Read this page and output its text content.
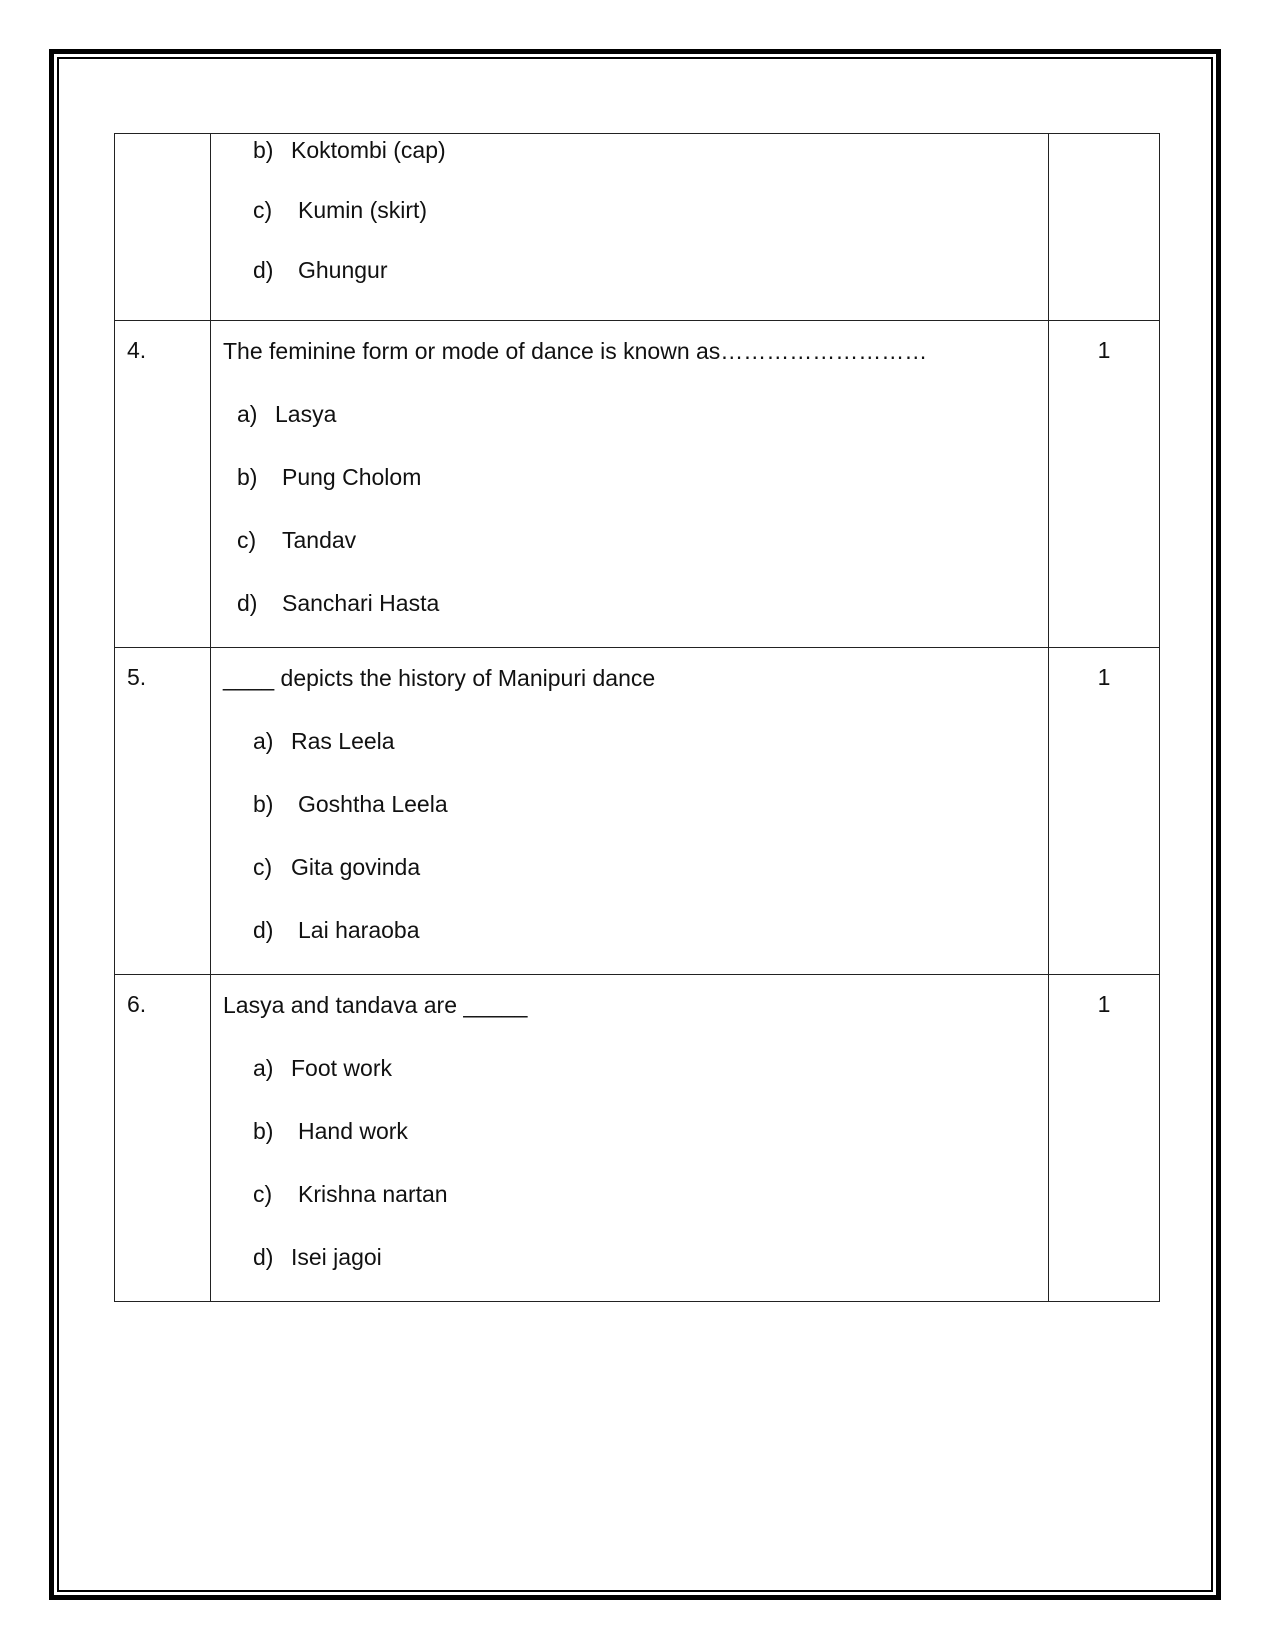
	b) Koktombi (cap)
c) Kumin (skirt)
d) Ghungur	

4.	The feminine form or mode of dance is known as………………………
a) Lasya
b) Pung Cholom
c) Tandav
d) Sanchari Hasta	1
5.	____ depicts the history of Manipuri dance
a) Ras Leela
b) Goshtha Leela
c) Gita govinda
d) Lai haraoba	1
6.	Lasya and tandava are _____
a) Foot work
b) Hand work
c) Krishna nartan
d) Isei jagoi	1
